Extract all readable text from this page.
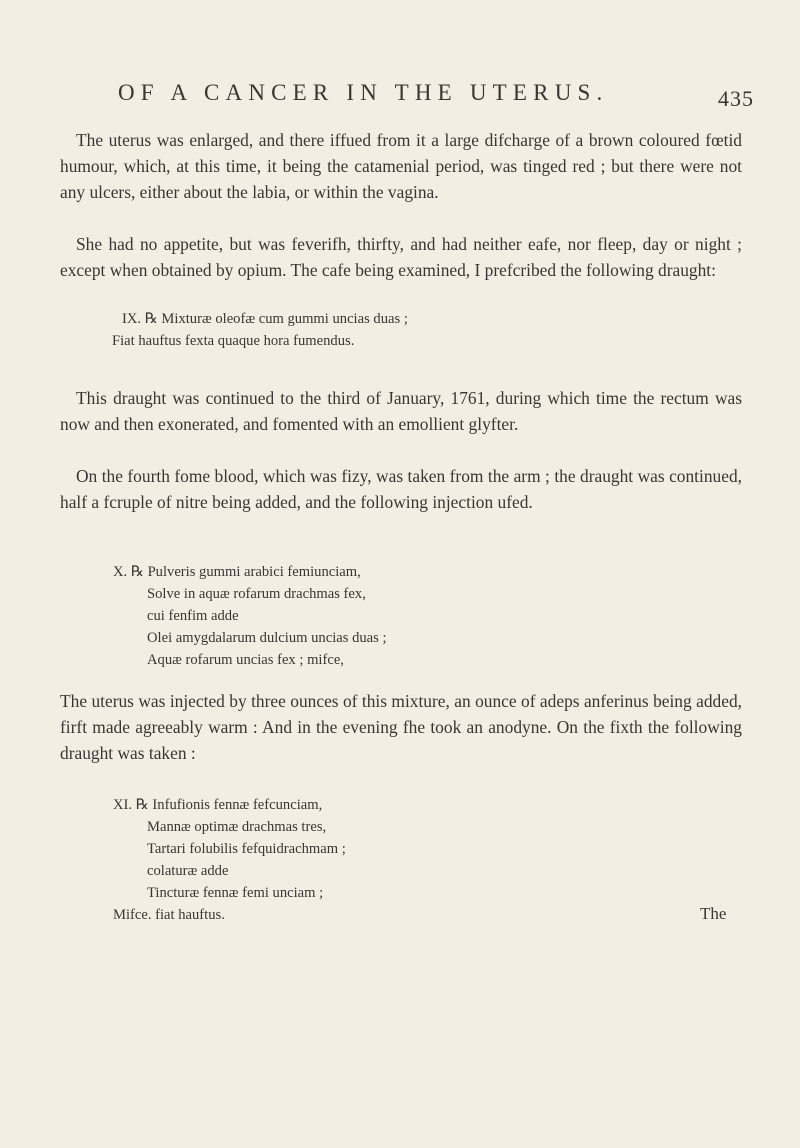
OF A CANCER IN THE UTERUS.	435

The uterus was enlarged, and there iffued from it a large difcharge of a brown coloured fœtid humour, which, at this time, it being the catamenial period, was tinged red ; but there were not any ulcers, either about the labia, or within the vagina.

She had no appetite, but was feverifh, thirfty, and had neither eafe, nor fleep, day or night ; except when obtained by opium. The cafe being examined, I prefcribed the following draught:

IX. ℞ Mixturæ oleofæ cum gummi uncias duas ;
Fiat hauftus fexta quaque hora fumendus.

This draught was continued to the third of January, 1761, during which time the rectum was now and then exonerated, and fomented with an emollient glyfter.

On the fourth fome blood, which was fizy, was taken from the arm ; the draught was continued, half a fcruple of nitre being added, and the following injection ufed.

X. ℞ Pulveris gummi arabici femiunciam,
Solve in aquæ rofarum drachmas fex,
cui fenfim adde
Olei amygdalarum dulcium uncias duas ;
Aquæ rofarum uncias fex ; mifce,

The uterus was injected by three ounces of this mixture, an ounce of adeps anferinus being added, firft made agreeably warm : And in the evening fhe took an anodyne. On the fixth the following draught was taken :

XI. ℞ Infufionis fennæ fefcunciam,
Mannæ optimæ drachmas tres,
Tartari folubilis fefquidrachmam ;
colaturæ adde
Tincturæ fennæ femi unciam ;
Mifce. fiat hauftus.	The
